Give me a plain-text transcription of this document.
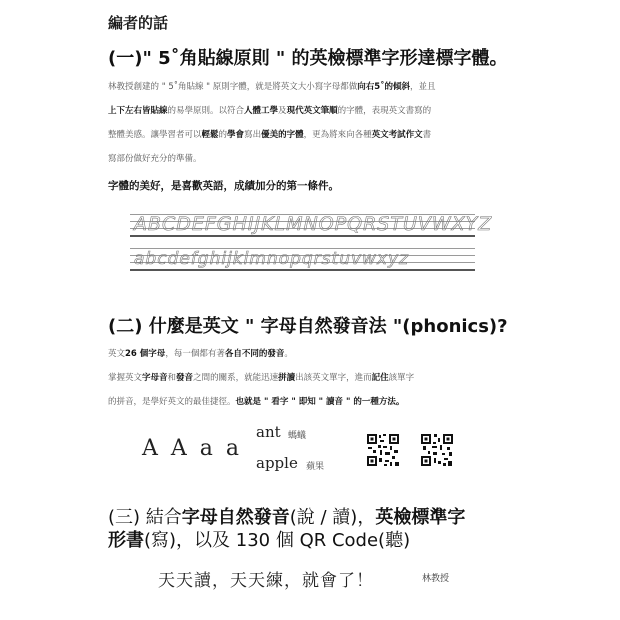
編者的話
(一)" 5˚角貼線原則 " 的英檢標準字形達標字體。
林教授創建的 " 5˚角貼線 " 原則字體，就是將英文大小寫字母都做向右5˚的傾斜，並且
上下左右皆貼線的易學原則。以符合人體工學及現代英文筆順的字體，表現英文書寫的
整體美感。讓學習者可以輕鬆的學會寫出優美的字體，更為將來向各種英文考試作文書
寫部份做好充分的準備。
字體的美好，是喜歡英語，成績加分的第一條件。
ABCDEFGHIJKLMNOPQRSTUVWXYZ
abcdefghijklmnopqrstuvwxyz
(二) 什麼是英文 " 字母自然發音法 "(phonics)?
英文26 個字母，每一個都有著各自不同的發音。
掌握英文字母音和發音之間的關系，就能迅速拼讀出該英文單字，進而記住該單字
的拼音，是學好英文的最佳捷徑。也就是 " 看字 " 即知 " 讀音 " 的一種方法。
A A a a
ant 螞蟻
apple 蘋果
(三) 結合字母自然發音(說 / 讀)，英檢標準字
形書(寫)，以及 130 個 QR Code(聽)
天天讀，天天練，就會了！	林教授
